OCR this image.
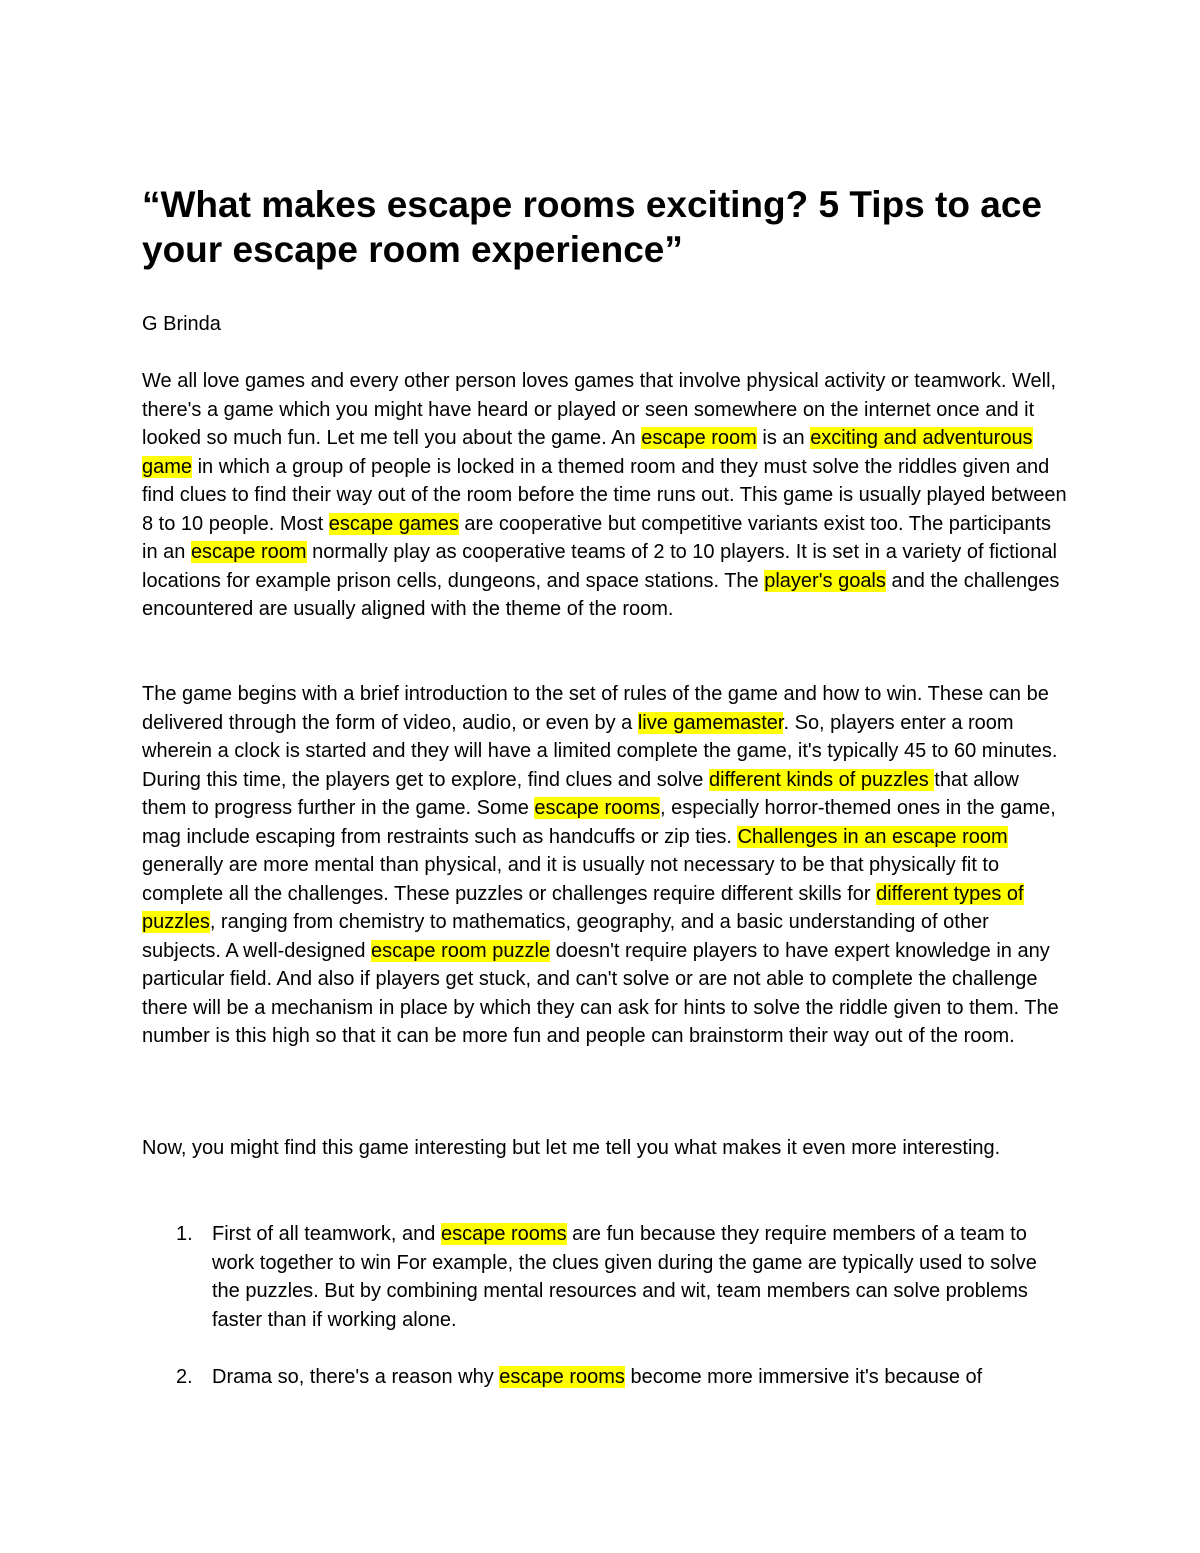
“What makes escape rooms exciting? 5 Tips to ace your escape room experience”

G Brinda

We all love games and every other person loves games that involve physical activity or teamwork. Well, there's a game which you might have heard or played or seen somewhere on the internet once and it looked so much fun. Let me tell you about the game. An escape room is an exciting and adventurous game in which a group of people is locked in a themed room and they must solve the riddles given and find clues to find their way out of the room before the time runs out. This game is usually played between 8 to 10 people. Most escape games are cooperative but competitive variants exist too. The participants in an escape room normally play as cooperative teams of 2 to 10 players. It is set in a variety of fictional locations for example prison cells, dungeons, and space stations. The player's goals and the challenges encountered are usually aligned with the theme of the room.

The game begins with a brief introduction to the set of rules of the game and how to win. These can be delivered through the form of video, audio, or even by a live gamemaster. So, players enter a room wherein a clock is started and they will have a limited complete the game, it's typically 45 to 60 minutes. During this time, the players get to explore, find clues and solve different kinds of puzzles that allow them to progress further in the game. Some escape rooms, especially horror-themed ones in the game, mag include escaping from restraints such as handcuffs or zip ties. Challenges in an escape room generally are more mental than physical, and it is usually not necessary to be that physically fit to complete all the challenges. These puzzles or challenges require different skills for different types of puzzles, ranging from chemistry to mathematics, geography, and a basic understanding of other subjects. A well-designed escape room puzzle doesn't require players to have expert knowledge in any particular field. And also if players get stuck, and can't solve or are not able to complete the challenge there will be a mechanism in place by which they can ask for hints to solve the riddle given to them. The number is this high so that it can be more fun and people can brainstorm their way out of the room.

Now, you might find this game interesting but let me tell you what makes it even more interesting.

1. First of all teamwork, and escape rooms are fun because they require members of a team to work together to win For example, the clues given during the game are typically used to solve the puzzles. But by combining mental resources and wit, team members can solve problems faster than if working alone.
2. Drama so, there's a reason why escape rooms become more immersive it's because of
